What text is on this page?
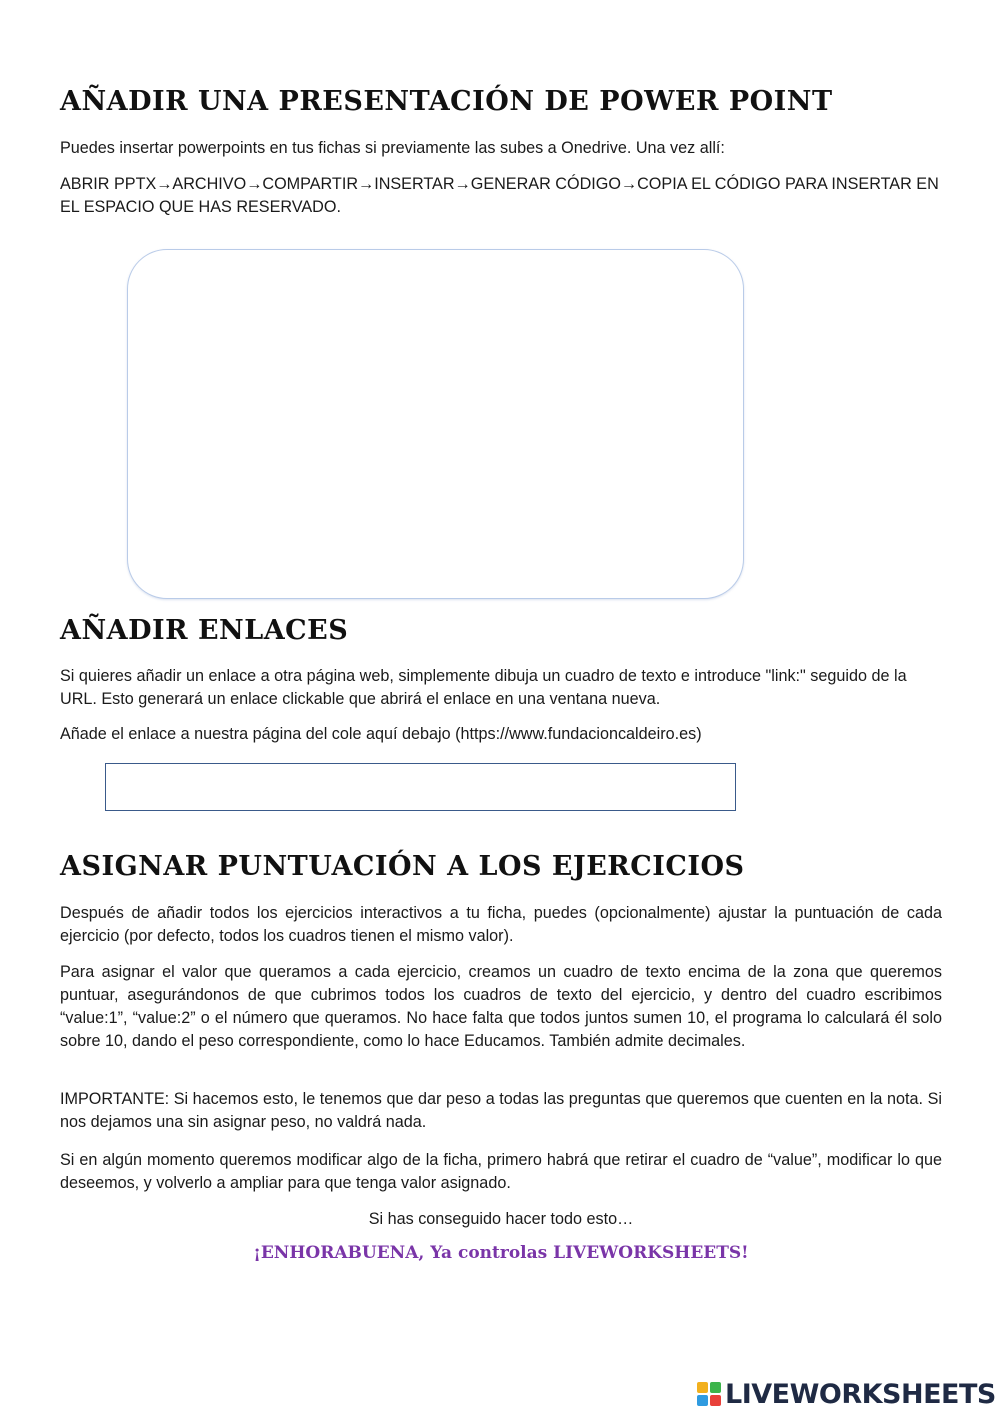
AÑADIR UNA PRESENTACIÓN DE POWER POINT

Puedes insertar powerpoints en tus fichas si previamente las subes a Onedrive. Una vez allí:

ABRIR PPTX→ARCHIVO→COMPARTIR→INSERTAR→GENERAR CÓDIGO→COPIA EL CÓDIGO PARA INSERTAR EN EL ESPACIO QUE HAS RESERVADO.

AÑADIR ENLACES

Si quieres añadir un enlace a otra página web, simplemente dibuja un cuadro de texto e introduce "link:" seguido de la URL. Esto generará un enlace clickable que abrirá el enlace en una ventana nueva.

Añade el enlace a nuestra página del cole aquí debajo (https://www.fundacioncaldeiro.es)

ASIGNAR PUNTUACIÓN A LOS EJERCICIOS

Después de añadir todos los ejercicios interactivos a tu ficha, puedes (opcionalmente) ajustar la puntuación de cada ejercicio (por defecto, todos los cuadros tienen el mismo valor).

Para asignar el valor que queramos a cada ejercicio, creamos un cuadro de texto encima de la zona que queremos puntuar, asegurándonos de que cubrimos todos los cuadros de texto del ejercicio, y dentro del cuadro escribimos “value:1”, “value:2” o el número que queramos. No hace falta que todos juntos sumen 10, el programa lo calculará él solo sobre 10, dando el peso correspondiente, como lo hace Educamos. También admite decimales.

IMPORTANTE: Si hacemos esto, le tenemos que dar peso a todas las preguntas que queremos que cuenten en la nota. Si nos dejamos una sin asignar peso, no valdrá nada.

Si en algún momento queremos modificar algo de la ficha, primero habrá que retirar el cuadro de “value”, modificar lo que deseemos, y volverlo a ampliar para que tenga valor asignado.

Si has conseguido hacer todo esto…

¡ENHORABUENA, Ya controlas LIVEWORKSHEETS!

LIVEWORKSHEETS
